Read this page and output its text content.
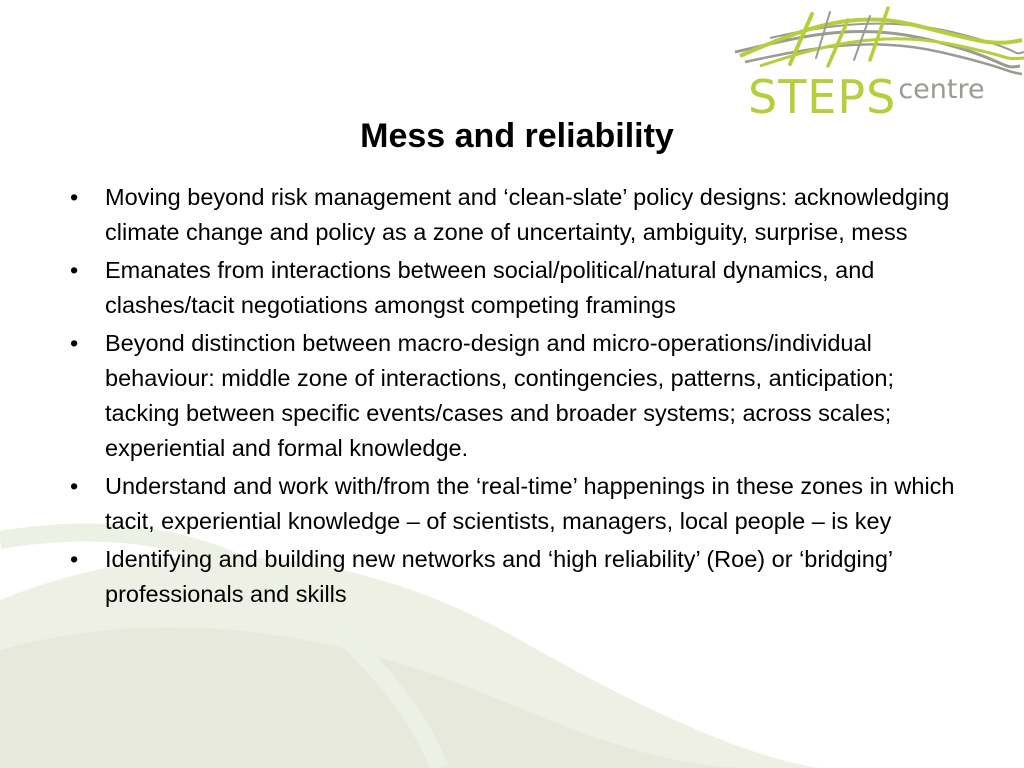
STEPScentre
Mess and reliability
• Moving beyond risk management and ‘clean-slate’ policy designs: acknowledging climate change and policy as a zone of uncertainty, ambiguity, surprise, mess
• Emanates from interactions between social/political/natural dynamics, and clashes/tacit negotiations amongst competing framings
• Beyond distinction between macro-design and micro-operations/individual behaviour: middle zone of interactions, contingencies, patterns, anticipation; tacking between specific events/cases and broader systems; across scales; experiential and formal knowledge.
• Understand and work with/from the ‘real-time’ happenings in these zones in which tacit, experiential knowledge – of scientists, managers, local people – is key
• Identifying and building new networks and ‘high reliability’ (Roe) or ‘bridging’ professionals and skills
